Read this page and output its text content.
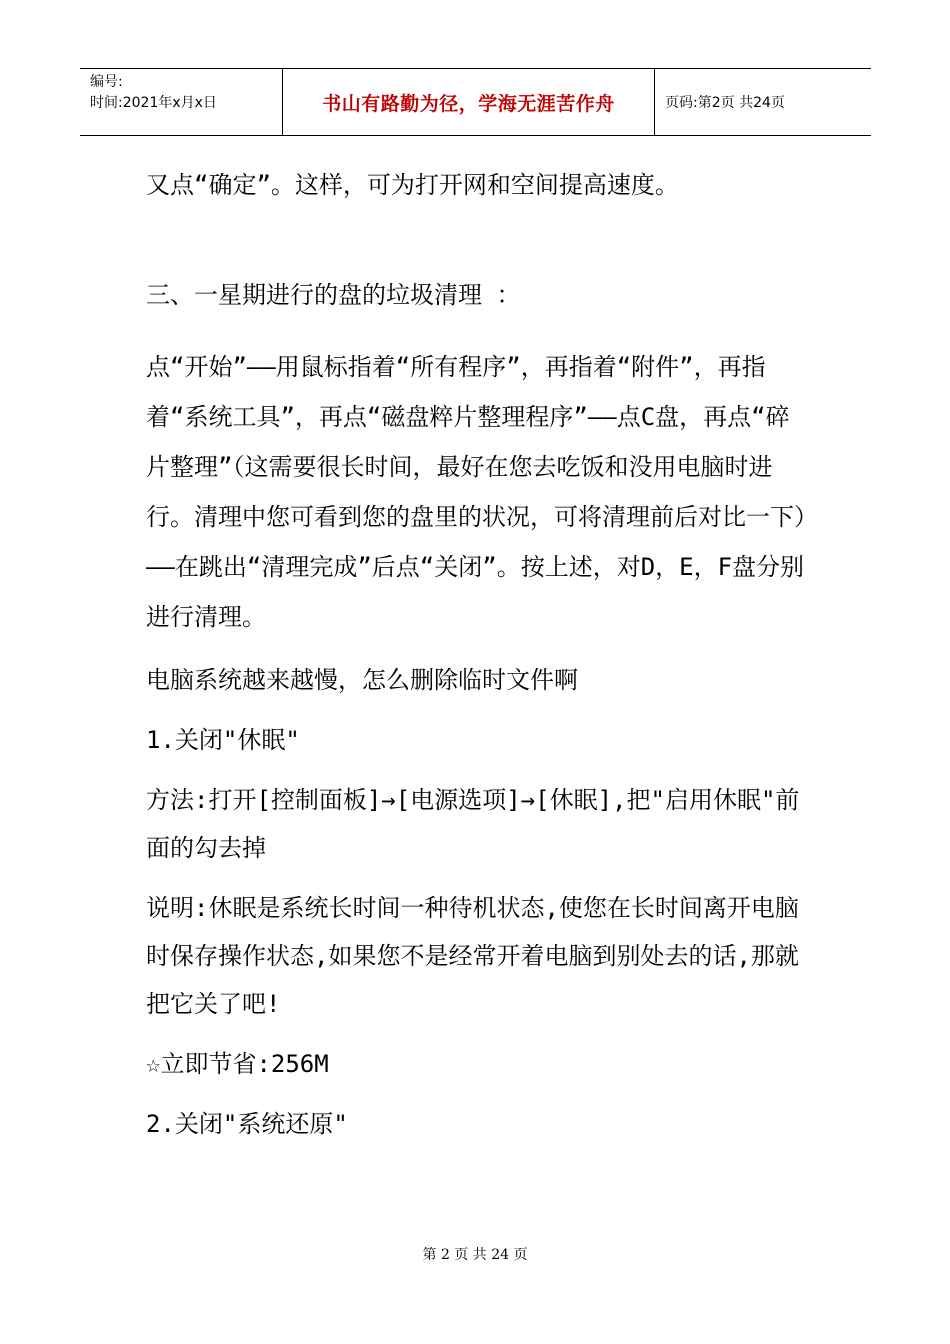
编号:
时间:2021年x月x日	书山有路勤为径，学海无涯苦作舟	页码:第2页 共24页

又点“确定”。这样，可为打开网和空间提高速度。

三、一星期进行的盘的垃圾清理 ：

点“开始”——用鼠标指着“所有程序”，再指着“附件”，再指着“系统工具”，再点“磁盘粹片整理程序”——点C盘，再点“碎片整理”（这需要很长时间，最好在您去吃饭和没用电脑时进行。清理中您可看到您的盘里的状况，可将清理前后对比一下）——在跳出“清理完成”后点“关闭”。按上述，对D，E，F盘分别进行清理。

电脑系统越来越慢，怎么删除临时文件啊

1.关闭"休眠"

方法:打开[控制面板]→[电源选项]→[休眠],把"启用休眠"前面的勾去掉

说明:休眠是系统长时间一种待机状态,使您在长时间离开电脑时保存操作状态,如果您不是经常开着电脑到别处去的话,那就把它关了吧!

☆立即节省:256M

2.关闭"系统还原"

第 2 页 共 24 页
